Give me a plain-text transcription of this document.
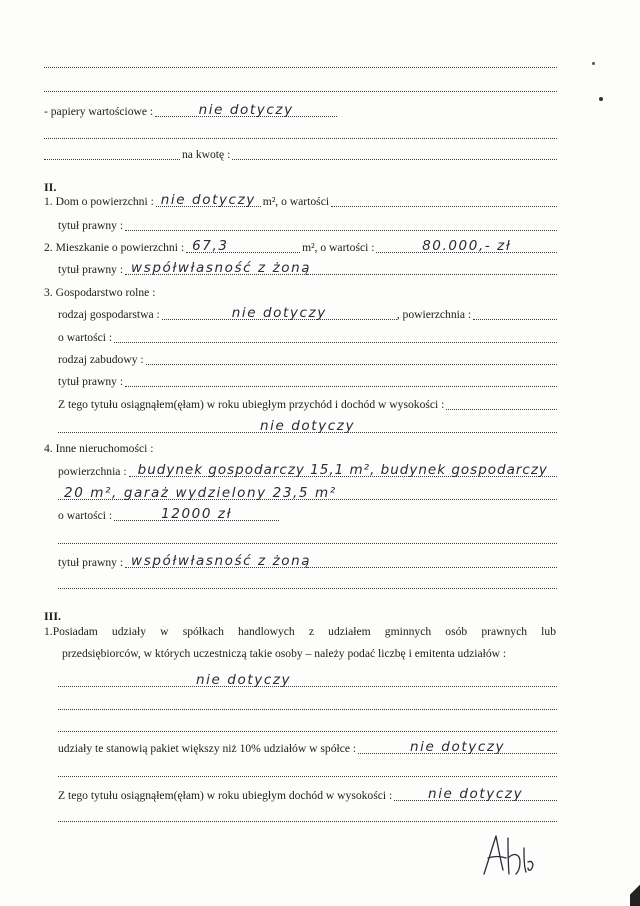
- papiery wartościowe :	nie dotyczy
na kwotę :
II.
1. Dom o powierzchni : nie dotyczy m², o wartości
tytuł prawny :
2. Mieszkanie o powierzchni : 67,3	m², o wartości :	80.000,- zł
tytuł prawny : współwłasność z żoną
3. Gospodarstwo rolne :
rodzaj gospodarstwa :	nie dotyczy	, powierzchnia :
o wartości :
rodzaj zabudowy :
tytuł prawny :
Z tego tytułu osiągnąłem(ęłam) w roku ubiegłym przychód i dochód w wysokości :
nie dotyczy
4. Inne nieruchomości :
powierzchnia : budynek gospodarczy 15,1 m², budynek gospodarczy
20 m², garaż wydzielony 23,5 m²
o wartości :	12000 zł
tytuł prawny : współwłasność z żoną
III.
1.Posiadam udziały w spółkach handlowych z udziałem gminnych osób prawnych lub
przedsiębiorców, w których uczestniczą takie osoby – należy podać liczbę i emitenta udziałów :
nie dotyczy
udziały te stanowią pakiet większy niż 10% udziałów w spółce :	nie dotyczy
Z tego tytułu osiągnąłem(ęłam) w roku ubiegłym dochód w wysokości :	nie dotyczy
